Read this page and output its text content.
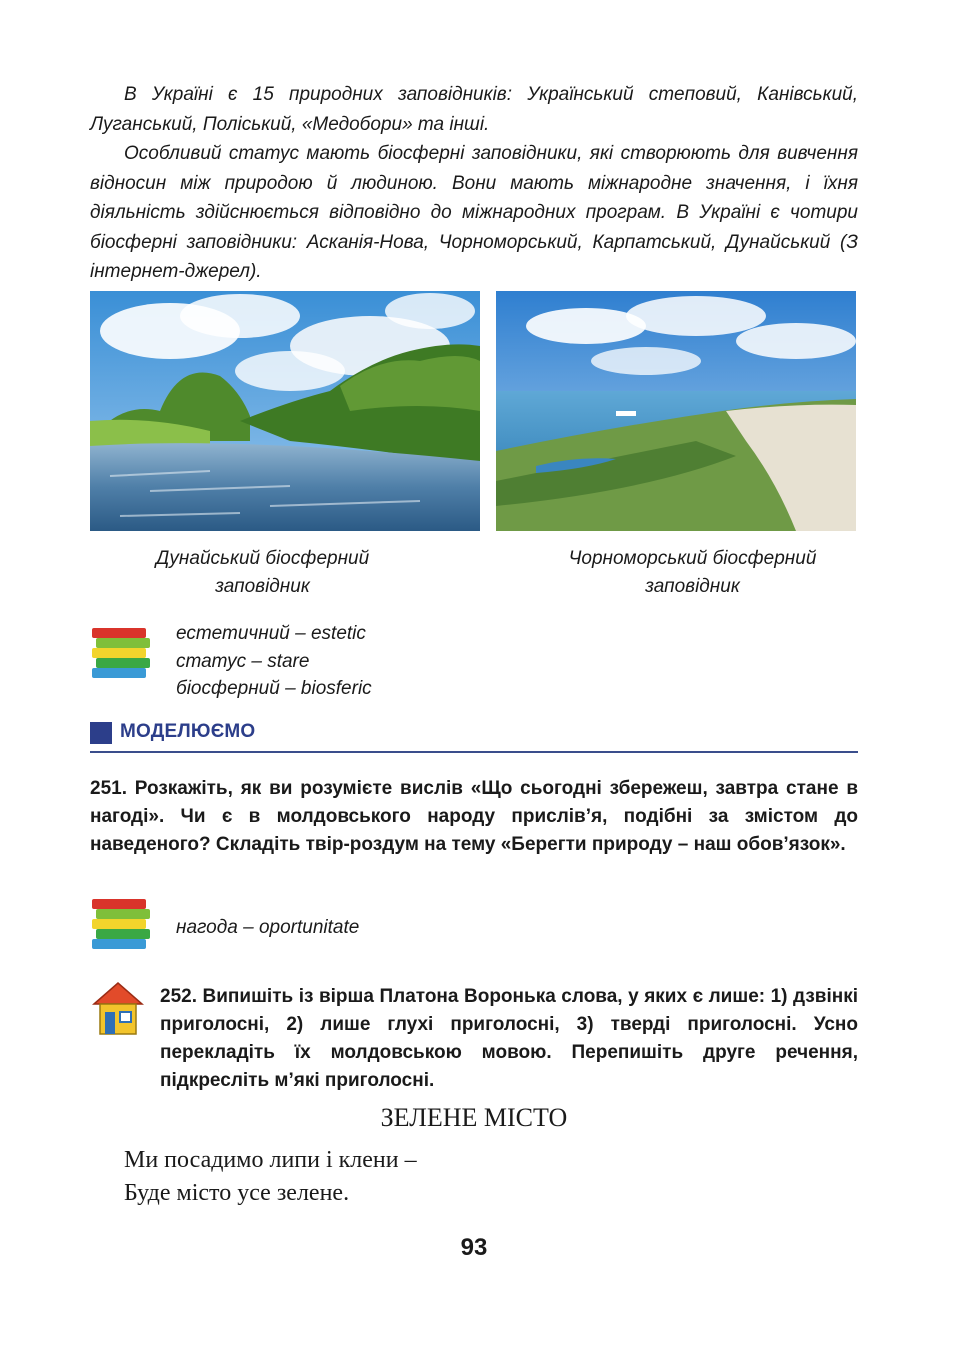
В Україні є 15 природних заповідників: Український степовий, Канівський, Луганський, Поліський, «Медобори» та інші.

Особливий статус мають біосферні заповідники, які створюють для вивчення відносин між природою й людиною. Вони мають міжнародне значення, і їхня діяльність здійснюється відповідно до міжнародних програм. В Україні є чотири біосферні заповідники: Асканія-Нова, Чорноморський, Карпатський, Дунайський (З інтернет-джерел).

Дунайський біосферний
заповідник
Чорноморський біосферний
заповідник
естетичний – estetic
статус – stare
біосферний – biosferic
МОДЕЛЮЄМО
251. Розкажіть, як ви розумієте вислів «Що сьогодні збережеш, завтра стане в нагоді». Чи є в молдовського народу прислів’я, подібні за змістом до наведеного? Складіть твір-роздум на тему «Берегти природу – наш обов’язок».
нагода – oportunitate
252. Випишіть із вірша Платона Воронька слова, у яких є лише: 1) дзвінкі приголосні, 2) лише глухі приголосні, 3) тверді приголосні. Усно перекладіть їх молдовською мовою. Перепишіть друге речення, підкресліть м’які приголосні.
ЗЕЛЕНЕ МІСТО
Ми посадимо липи і клени –
Буде місто усе зелене.
93
